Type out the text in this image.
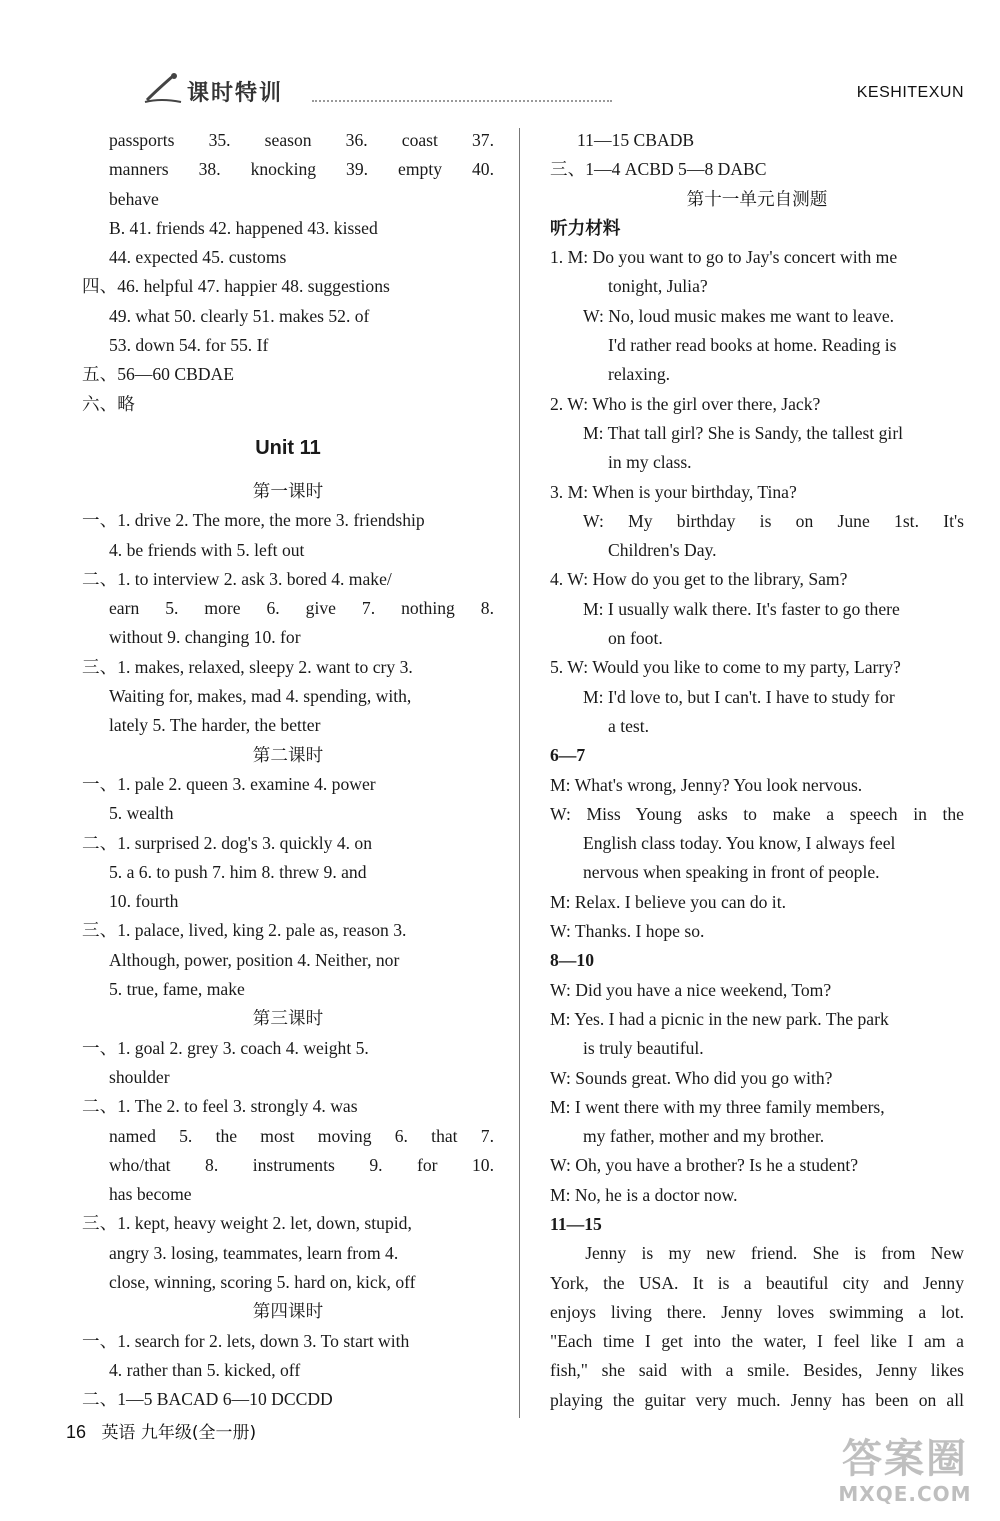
课时特训	KESHITEXUN
passports 35. season 36. coast 37.
manners 38. knocking 39. empty 40.
behave
B. 41. friends 42. happened 43. kissed
44. expected 45. customs
四、46. helpful 47. happier 48. suggestions
49. what 50. clearly 51. makes 52. of
53. down 54. for 55. If
五、56—60 CBDAE
六、略
Unit 11
第一课时
一、1. drive 2. The more, the more 3. friendship
4. be friends with 5. left out
二、1. to interview 2. ask 3. bored 4. make/
earn 5. more 6. give 7. nothing 8.
without 9. changing 10. for
三、1. makes, relaxed, sleepy 2. want to cry 3.
Waiting for, makes, mad 4. spending, with,
lately 5. The harder, the better
第二课时
一、1. pale 2. queen 3. examine 4. power
5. wealth
二、1. surprised 2. dog's 3. quickly 4. on
5. a 6. to push 7. him 8. threw 9. and
10. fourth
三、1. palace, lived, king 2. pale as, reason 3.
Although, power, position 4. Neither, nor
5. true, fame, make
第三课时
一、1. goal 2. grey 3. coach 4. weight 5.
shoulder
二、1. The 2. to feel 3. strongly 4. was
named 5. the most moving 6. that 7.
who/that 8. instruments 9. for 10.
has become
三、1. kept, heavy weight 2. let, down, stupid,
angry 3. losing, teammates, learn from 4.
close, winning, scoring 5. hard on, kick, off
第四课时
一、1. search for 2. lets, down 3. To start with
4. rather than 5. kicked, off
二、1—5 BACAD 6—10 DCCDD
11—15 CBADB
三、1—4 ACBD 5—8 DABC
第十一单元自测题
听力材料
1. M: Do you want to go to Jay's concert with me
tonight, Julia?
W: No, loud music makes me want to leave.
I'd rather read books at home. Reading is
relaxing.
2. W: Who is the girl over there, Jack?
M: That tall girl? She is Sandy, the tallest girl
in my class.
3. M: When is your birthday, Tina?
W: My birthday is on June 1st. It's
Children's Day.
4. W: How do you get to the library, Sam?
M: I usually walk there. It's faster to go there
on foot.
5. W: Would you like to come to my party, Larry?
M: I'd love to, but I can't. I have to study for
a test.
6—7
M: What's wrong, Jenny? You look nervous.
W: Miss Young asks to make a speech in the
English class today. You know, I always feel
nervous when speaking in front of people.
M: Relax. I believe you can do it.
W: Thanks. I hope so.
8—10
W: Did you have a nice weekend, Tom?
M: Yes. I had a picnic in the new park. The park
is truly beautiful.
W: Sounds great. Who did you go with?
M: I went there with my three family members,
my father, mother and my brother.
W: Oh, you have a brother? Is he a student?
M: No, he is a doctor now.
11—15
Jenny is my new friend. She is from New
York, the USA. It is a beautiful city and Jenny
enjoys living there. Jenny loves swimming a lot.
"Each time I get into the water, I feel like I am a
fish," she said with a smile. Besides, Jenny likes
playing the guitar very much. Jenny has been on all
16 英语 九年级(全一册)
答案圈
MXQE.COM
